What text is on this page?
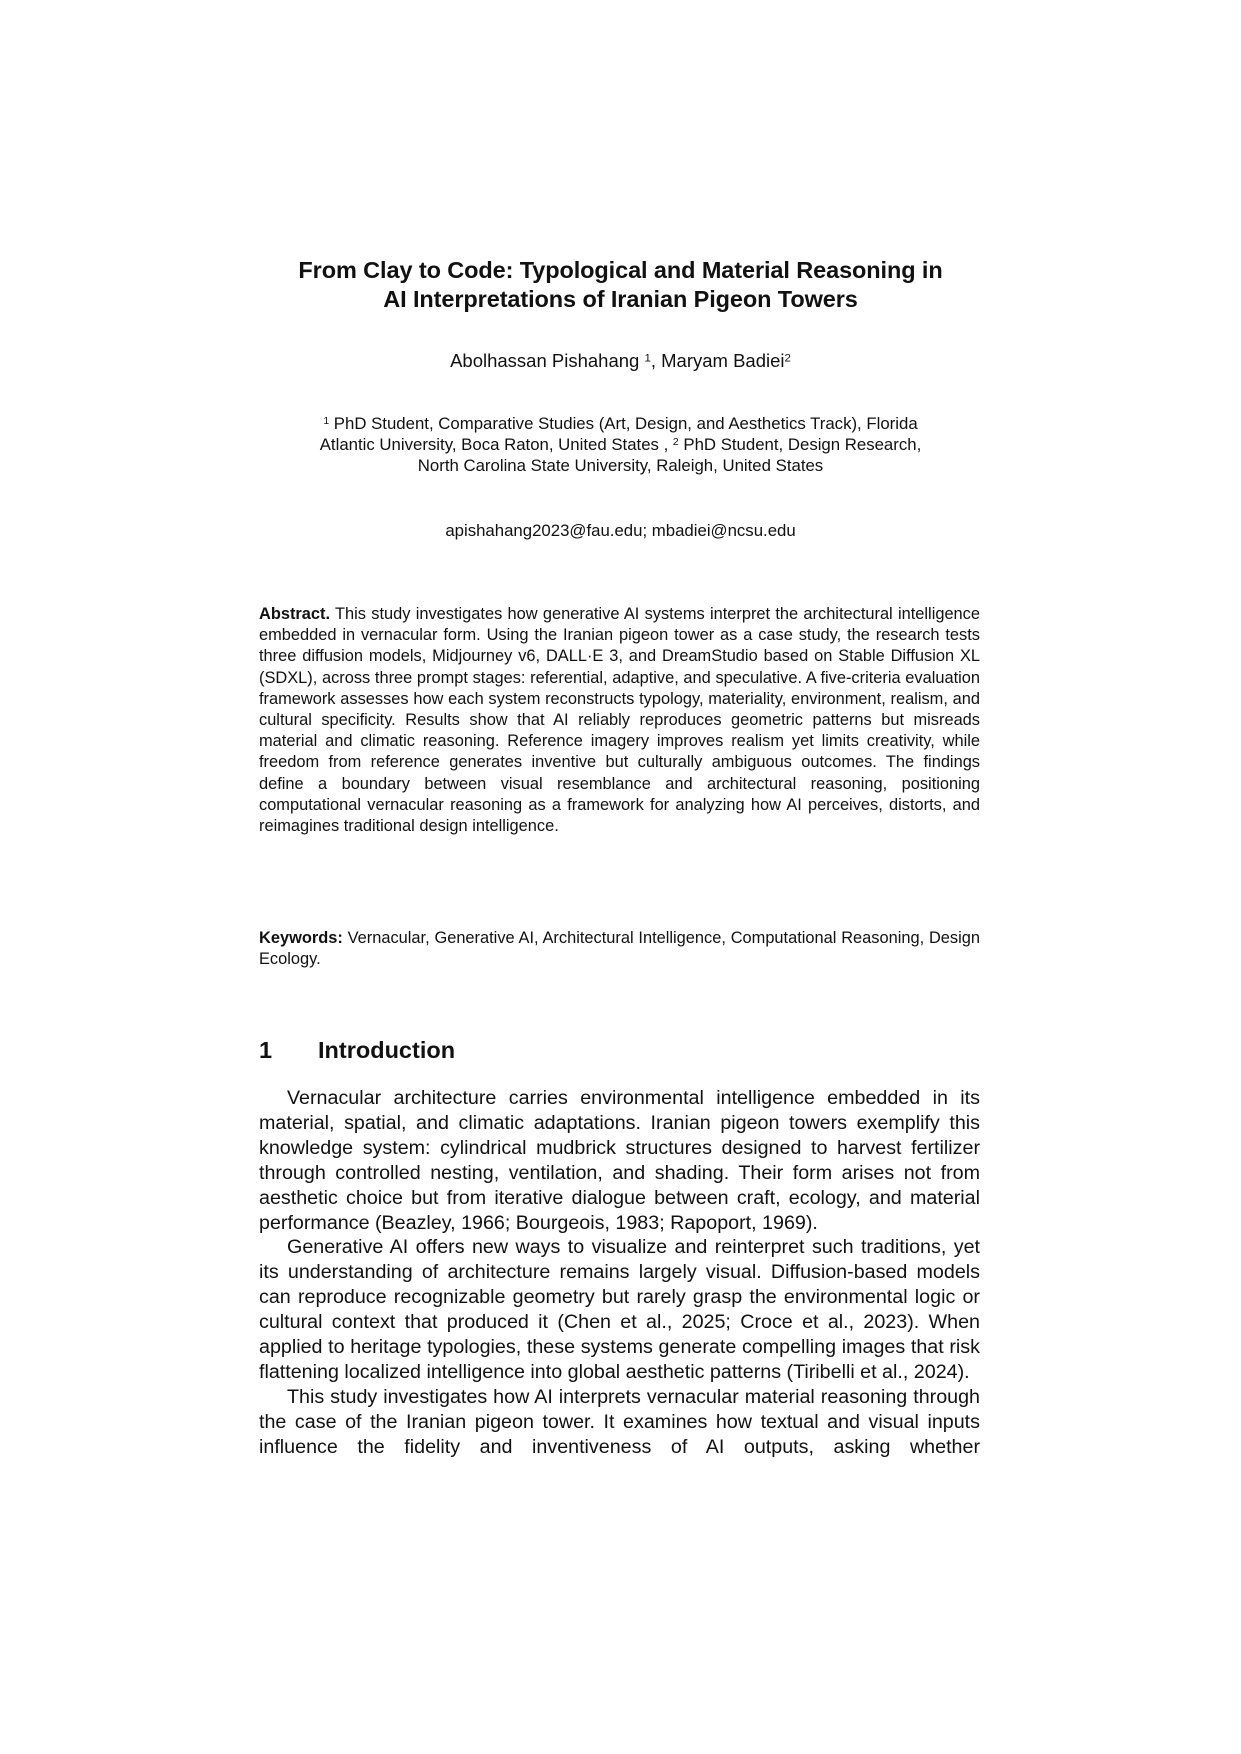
From Clay to Code: Typological and Material Reasoning in
AI Interpretations of Iranian Pigeon Towers
Abolhassan Pishahang $^1$, Maryam Badiei$^2$
$^1$ PhD Student, Comparative Studies (Art, Design, and Aesthetics Track), Florida
Atlantic University, Boca Raton, United States , $^2$ PhD Student, Design Research,
North Carolina State University, Raleigh, United States
apishahang2023@fau.edu; mbadiei@ncsu.edu

Abstract. This study investigates how generative AI systems interpret the architectural intelligence embedded in vernacular form. Using the Iranian pigeon tower as a case study, the research tests three diffusion models, Midjourney v6, DALL·E 3, and DreamStudio based on Stable Diffusion XL (SDXL), across three prompt stages: referential, adaptive, and speculative. A five-criteria evaluation framework assesses how each system reconstructs typology, materiality, environment, realism, and cultural specificity. Results show that AI reliably reproduces geometric patterns but misreads material and climatic reasoning. Reference imagery improves realism yet limits creativity, while freedom from reference generates inventive but culturally ambiguous outcomes. The findings define a boundary between visual resemblance and architectural reasoning, positioning computational vernacular reasoning as a framework for analyzing how AI perceives, distorts, and reimagines traditional design intelligence.

Keywords: Vernacular, Generative AI, Architectural Intelligence, Computational Reasoning, Design Ecology.

1 Introduction

Vernacular architecture carries environmental intelligence embedded in its material, spatial, and climatic adaptations. Iranian pigeon towers exemplify this knowledge system: cylindrical mudbrick structures designed to harvest fertilizer through controlled nesting, ventilation, and shading. Their form arises not from aesthetic choice but from iterative dialogue between craft, ecology, and material performance (Beazley, 1966; Bourgeois, 1983; Rapoport, 1969).

Generative AI offers new ways to visualize and reinterpret such traditions, yet its understanding of architecture remains largely visual. Diffusion-based models can reproduce recognizable geometry but rarely grasp the environmental logic or cultural context that produced it (Chen et al., 2025; Croce et al., 2023). When applied to heritage typologies, these systems generate compelling images that risk flattening localized intelligence into global aesthetic patterns (Tiribelli et al., 2024).

This study investigates how AI interprets vernacular material reasoning through the case of the Iranian pigeon tower. It examines how textual and visual inputs influence the fidelity and inventiveness of AI outputs, asking whether
